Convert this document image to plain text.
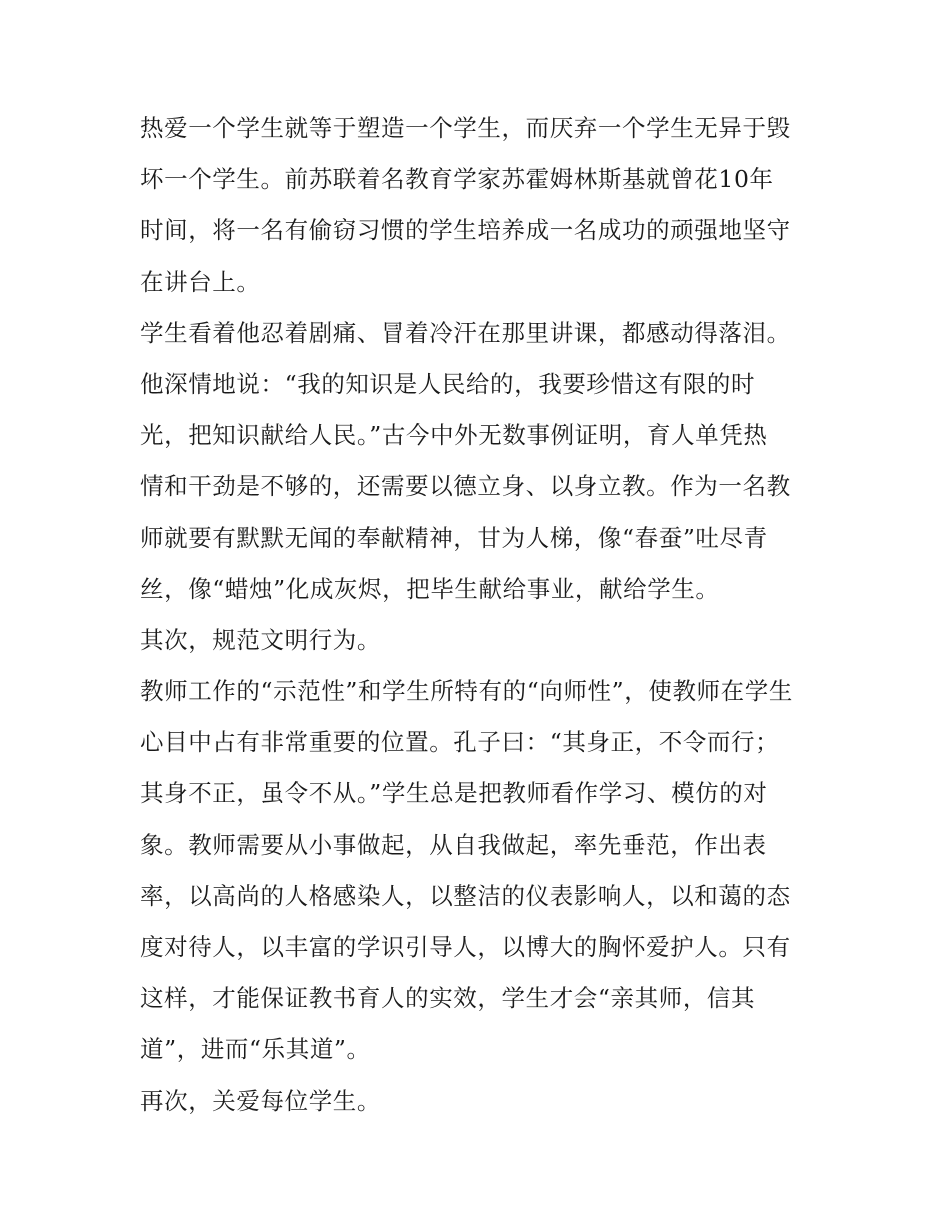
热爱一个学生就等于塑造一个学生，而厌弃一个学生无异于毁
坏一个学生。前苏联着名教育学家苏霍姆林斯基就曾花10年
时间，将一名有偷窃习惯的学生培养成一名成功的顽强地坚守
在讲台上。
学生看着他忍着剧痛、冒着冷汗在那里讲课，都感动得落泪。
他深情地说：“我的知识是人民给的，我要珍惜这有限的时
光，把知识献给人民。”古今中外无数事例证明，育人单凭热
情和干劲是不够的，还需要以德立身、以身立教。作为一名教
师就要有默默无闻的奉献精神，甘为人梯，像“春蚕”吐尽青
丝，像“蜡烛”化成灰烬，把毕生献给事业，献给学生。
其次，规范文明行为。
教师工作的“示范性”和学生所特有的“向师性”，使教师在学生
心目中占有非常重要的位置。孔子曰：“其身正，不令而行；
其身不正，虽令不从。”学生总是把教师看作学习、模仿的对
象。教师需要从小事做起，从自我做起，率先垂范，作出表
率，以高尚的人格感染人，以整洁的仪表影响人，以和蔼的态
度对待人，以丰富的学识引导人，以博大的胸怀爱护人。只有
这样，才能保证教书育人的实效，学生才会“亲其师，信其
道”，进而“乐其道”。
再次，关爱每位学生。
